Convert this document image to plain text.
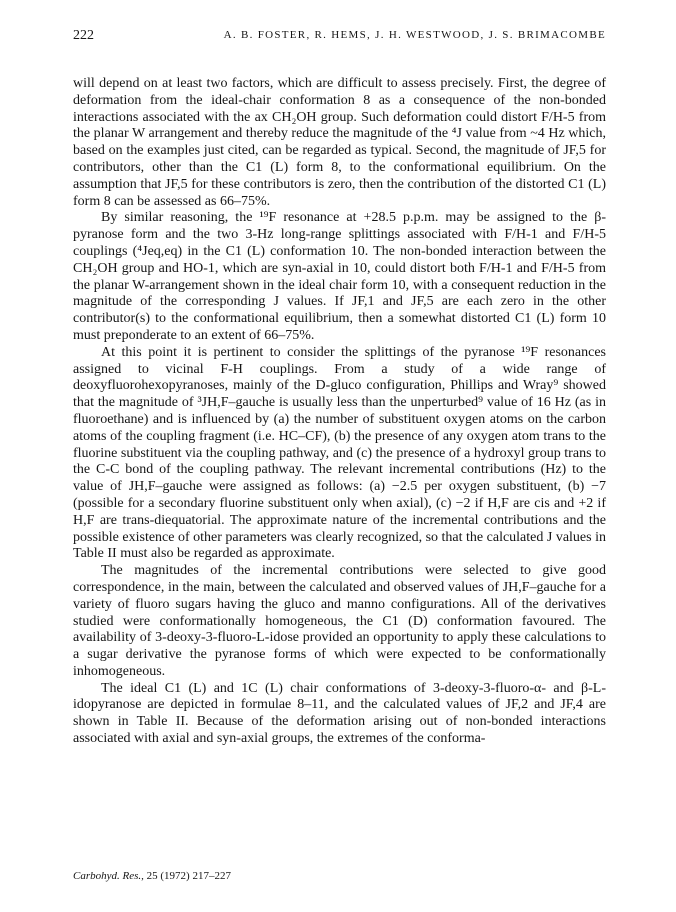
222	A. B. FOSTER, R. HEMS, J. H. WESTWOOD, J. S. BRIMACOMBE

will depend on at least two factors, which are difficult to assess precisely. First, the degree of deformation from the ideal-chair conformation 8 as a consequence of the non-bonded interactions associated with the ax CH₂OH group. Such deformation could distort F/H-5 from the planar W arrangement and thereby reduce the magnitude of the ⁴J value from ~4 Hz which, based on the examples just cited, can be regarded as typical. Second, the magnitude of JF,5 for contributors, other than the C1 (L) form 8, to the conformational equilibrium. On the assumption that JF,5 for these contributors is zero, then the contribution of the distorted C1 (L) form 8 can be assessed as 66–75%.

By similar reasoning, the ¹⁹F resonance at +28.5 p.p.m. may be assigned to the β-pyranose form and the two 3-Hz long-range splittings associated with F/H-1 and F/H-5 couplings (⁴Jeq,eq) in the C1 (L) conformation 10. The non-bonded interaction between the CH₂OH group and HO-1, which are syn-axial in 10, could distort both F/H-1 and F/H-5 from the planar W-arrangement shown in the ideal chair form 10, with a consequent reduction in the magnitude of the corresponding J values. If JF,1 and JF,5 are each zero in the other contributor(s) to the conformational equilibrium, then a somewhat distorted C1 (L) form 10 must preponderate to an extent of 66–75%.

At this point it is pertinent to consider the splittings of the pyranose ¹⁹F resonances assigned to vicinal F-H couplings. From a study of a wide range of deoxyfluorohexopyranoses, mainly of the D-gluco configuration, Phillips and Wray⁹ showed that the magnitude of ³JH,F–gauche is usually less than the unperturbed⁹ value of 16 Hz (as in fluoroethane) and is influenced by (a) the number of substituent oxygen atoms on the carbon atoms of the coupling fragment (i.e. HC–CF), (b) the presence of any oxygen atom trans to the fluorine substituent via the coupling pathway, and (c) the presence of a hydroxyl group trans to the C-C bond of the coupling pathway. The relevant incremental contributions (Hz) to the value of JH,F–gauche were assigned as follows: (a) −2.5 per oxygen substituent, (b) −7 (possible for a secondary fluorine substituent only when axial), (c) −2 if H,F are cis and +2 if H,F are trans-diequatorial. The approximate nature of the incremental contributions and the possible existence of other parameters was clearly recognized, so that the calculated J values in Table II must also be regarded as approximate.

The magnitudes of the incremental contributions were selected to give good correspondence, in the main, between the calculated and observed values of JH,F–gauche for a variety of fluoro sugars having the gluco and manno configurations. All of the derivatives studied were conformationally homogeneous, the C1 (D) conformation favoured. The availability of 3-deoxy-3-fluoro-L-idose provided an opportunity to apply these calculations to a sugar derivative the pyranose forms of which were expected to be conformationally inhomogeneous.

The ideal C1 (L) and 1C (L) chair conformations of 3-deoxy-3-fluoro-α- and β-L-idopyranose are depicted in formulae 8–11, and the calculated values of JF,2 and JF,4 are shown in Table II. Because of the deformation arising out of non-bonded interactions associated with axial and syn-axial groups, the extremes of the conforma-

Carbohyd. Res., 25 (1972) 217–227
